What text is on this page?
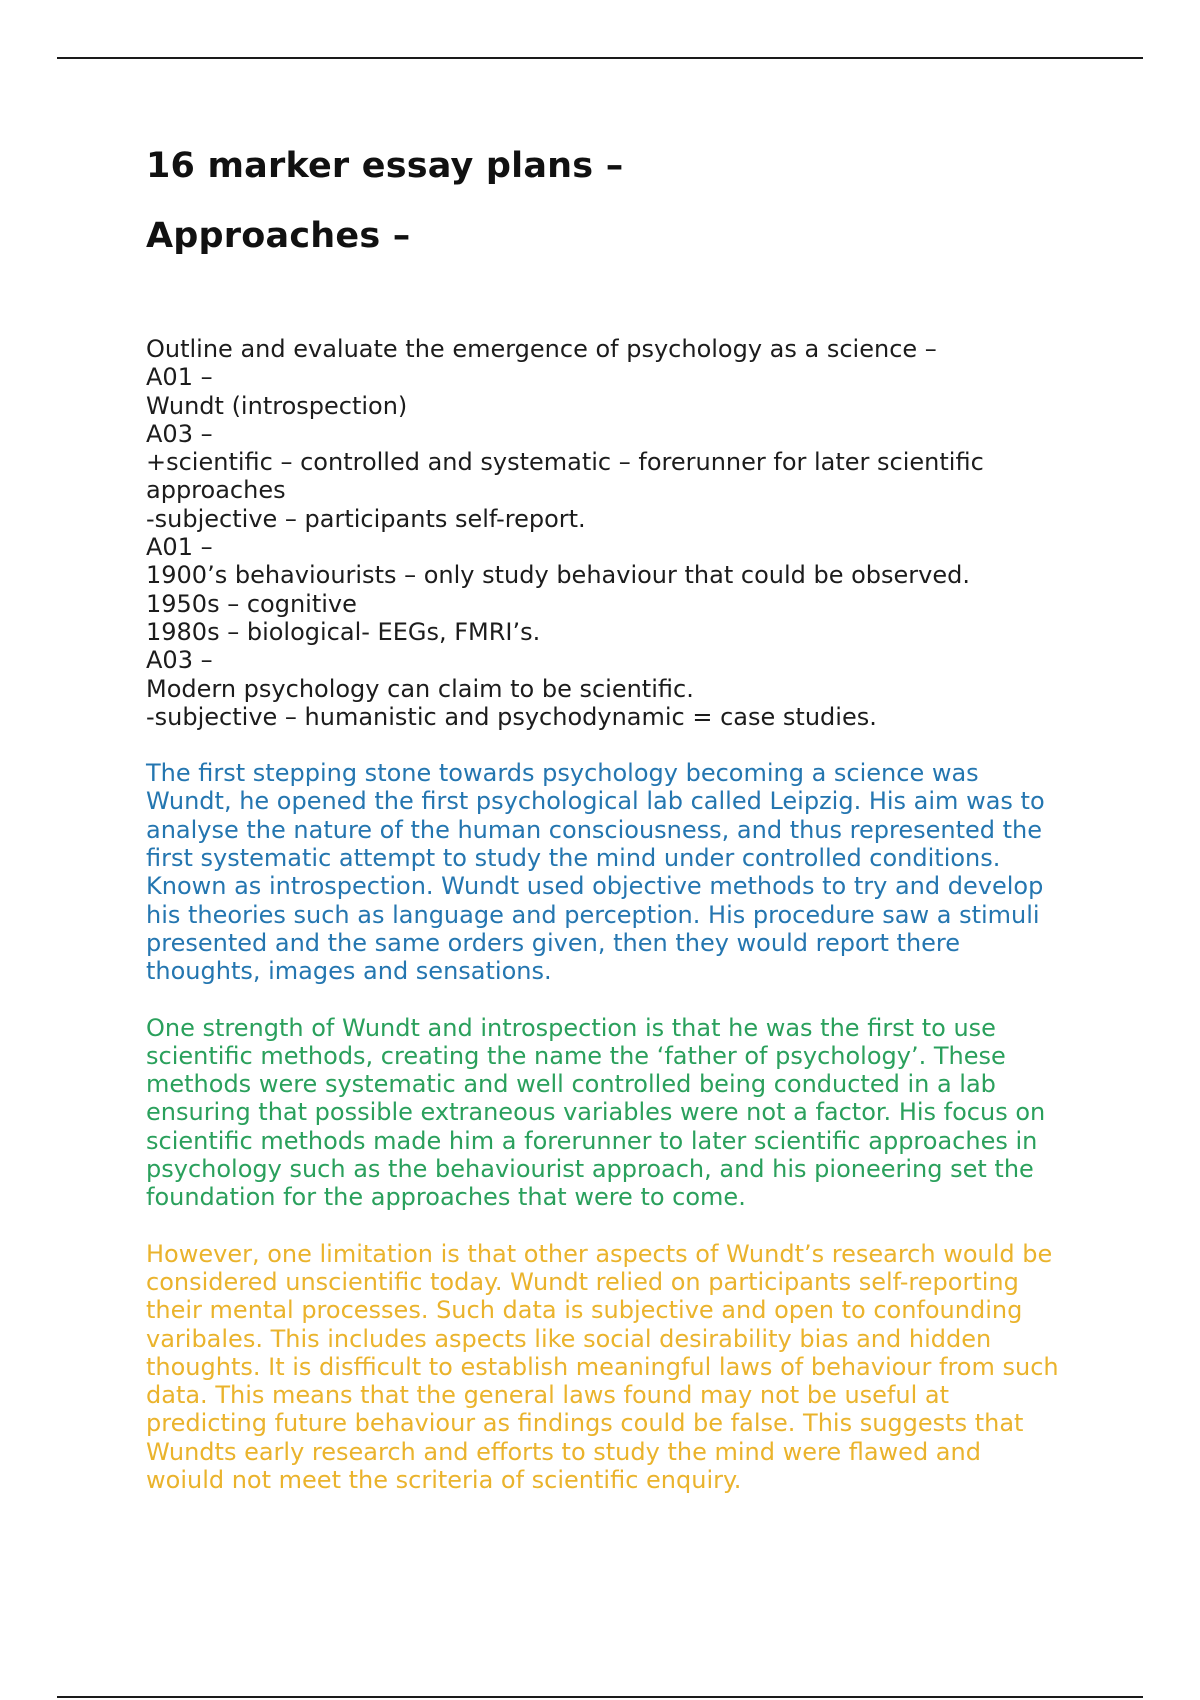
16 marker essay plans –
Approaches –
Outline and evaluate the emergence of psychology as a science –
A01 –
Wundt (introspection)
A03 –
+scientific – controlled and systematic – forerunner for later scientific approaches
-subjective – participants self-report.
A01 –
1900’s behaviourists – only study behaviour that could be observed.
1950s – cognitive
1980s – biological- EEGs, FMRI’s.
A03 –
Modern psychology can claim to be scientific.
-subjective – humanistic and psychodynamic = case studies.

The first stepping stone towards psychology becoming a science was Wundt, he opened the first psychological lab called Leipzig. His aim was to analyse the nature of the human consciousness, and thus represented the first systematic attempt to study the mind under controlled conditions. Known as introspection. Wundt used objective methods to try and develop his theories such as language and perception. His procedure saw a stimuli presented and the same orders given, then they would report there thoughts, images and sensations.

One strength of Wundt and introspection is that he was the first to use scientific methods, creating the name the ‘father of psychology’. These methods were systematic and well controlled being conducted in a lab ensuring that possible extraneous variables were not a factor. His focus on scientific methods made him a forerunner to later scientific approaches in psychology such as the behaviourist approach, and his pioneering set the foundation for the approaches that were to come.

However, one limitation is that other aspects of Wundt’s research would be considered unscientific today. Wundt relied on participants self-reporting their mental processes. Such data is subjective and open to confounding varibales. This includes aspects like social desirability bias and hidden thoughts. It is disfficult to establish meaningful laws of behaviour from such data. This means that the general laws found may not be useful at predicting future behaviour as findings could be false. This suggests that Wundts early research and efforts to study the mind were flawed and woiuld not meet the scriteria of scientific enquiry.
